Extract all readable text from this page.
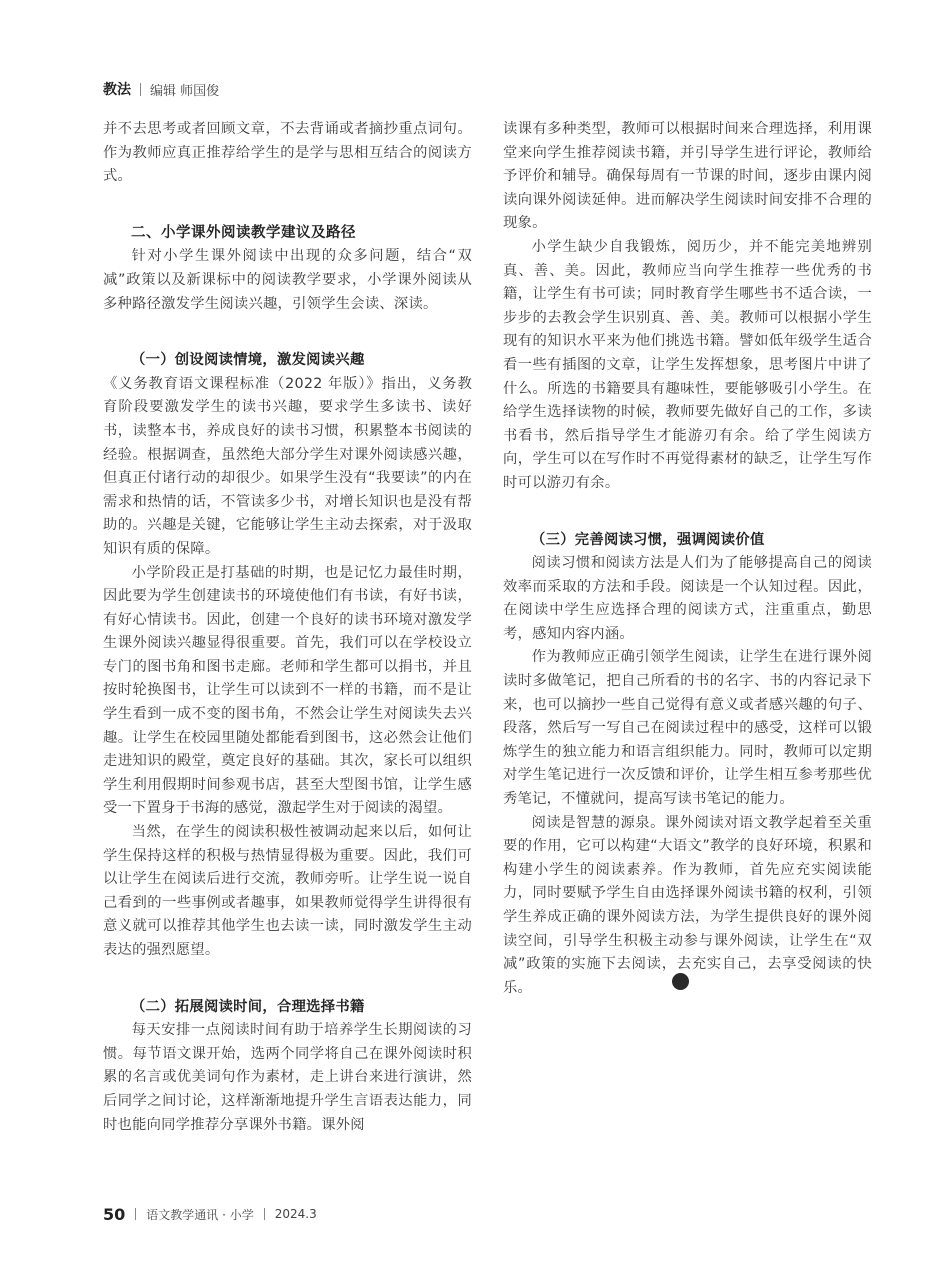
教法 编辑 师国俊

并不去思考或者回顾文章，不去背诵或者摘抄重点词句。作为教师应真正推荐给学生的是学与思相互结合的阅读方式。

二、小学课外阅读教学建议及路径

针对小学生课外阅读中出现的众多问题，结合“双减”政策以及新课标中的阅读教学要求，小学课外阅读从多种路径激发学生阅读兴趣，引领学生会读、深读。

（一）创设阅读情境，激发阅读兴趣

《义务教育语文课程标准（2022 年版）》指出，义务教育阶段要激发学生的读书兴趣，要求学生多读书、读好书，读整本书，养成良好的读书习惯，积累整本书阅读的经验。根据调查，虽然绝大部分学生对课外阅读感兴趣，但真正付诸行动的却很少。如果学生没有“我要读”的内在需求和热情的话，不管读多少书，对增长知识也是没有帮助的。兴趣是关键，它能够让学生主动去探索，对于汲取知识有质的保障。

小学阶段正是打基础的时期，也是记忆力最佳时期，因此要为学生创建读书的环境使他们有书读，有好书读，有好心情读书。因此，创建一个良好的读书环境对激发学生课外阅读兴趣显得很重要。首先，我们可以在学校设立专门的图书角和图书走廊。老师和学生都可以捐书，并且按时轮换图书，让学生可以读到不一样的书籍，而不是让学生看到一成不变的图书角，不然会让学生对阅读失去兴趣。让学生在校园里随处都能看到图书，这必然会让他们走进知识的殿堂，奠定良好的基础。其次，家长可以组织学生利用假期时间参观书店，甚至大型图书馆，让学生感受一下置身于书海的感觉，激起学生对于阅读的渴望。

当然，在学生的阅读积极性被调动起来以后，如何让学生保持这样的积极与热情显得极为重要。因此，我们可以让学生在阅读后进行交流，教师旁听。让学生说一说自己看到的一些事例或者趣事，如果教师觉得学生讲得很有意义就可以推荐其他学生也去读一读，同时激发学生主动表达的强烈愿望。

（二）拓展阅读时间，合理选择书籍

每天安排一点阅读时间有助于培养学生长期阅读的习惯。每节语文课开始，选两个同学将自己在课外阅读时积累的名言或优美词句作为素材，走上讲台来进行演讲，然后同学之间讨论，这样渐渐地提升学生言语表达能力，同时也能向同学推荐分享课外书籍。课外阅

读课有多种类型，教师可以根据时间来合理选择，利用课堂来向学生推荐阅读书籍，并引导学生进行评论，教师给予评价和辅导。确保每周有一节课的时间，逐步由课内阅读向课外阅读延伸。进而解决学生阅读时间安排不合理的现象。

小学生缺少自我锻炼，阅历少，并不能完美地辨别真、善、美。因此，教师应当向学生推荐一些优秀的书籍，让学生有书可读；同时教育学生哪些书不适合读，一步步的去教会学生识别真、善、美。教师可以根据小学生现有的知识水平来为他们挑选书籍。譬如低年级学生适合看一些有插图的文章，让学生发挥想象，思考图片中讲了什么。所选的书籍要具有趣味性，要能够吸引小学生。在给学生选择读物的时候，教师要先做好自己的工作，多读书看书，然后指导学生才能游刃有余。给了学生阅读方向，学生可以在写作时不再觉得素材的缺乏，让学生写作时可以游刃有余。

（三）完善阅读习惯，强调阅读价值

阅读习惯和阅读方法是人们为了能够提高自己的阅读效率而采取的方法和手段。阅读是一个认知过程。因此，在阅读中学生应选择合理的阅读方式，注重重点，勤思考，感知内容内涵。

作为教师应正确引领学生阅读，让学生在进行课外阅读时多做笔记，把自己所看的书的名字、书的内容记录下来，也可以摘抄一些自己觉得有意义或者感兴趣的句子、段落，然后写一写自己在阅读过程中的感受，这样可以锻炼学生的独立能力和语言组织能力。同时，教师可以定期对学生笔记进行一次反馈和评价，让学生相互参考那些优秀笔记，不懂就问，提高写读书笔记的能力。

阅读是智慧的源泉。课外阅读对语文教学起着至关重要的作用，它可以构建“大语文”教学的良好环境，积累和构建小学生的阅读素养。作为教师，首先应充实阅读能力，同时要赋予学生自由选择课外阅读书籍的权利，引领学生养成正确的课外阅读方法，为学生提供良好的课外阅读空间，引导学生积极主动参与课外阅读，让学生在“双减”政策的实施下去阅读，去充实自己，去享受阅读的快乐。	✎

50 语文教学通讯 · 小学 2024.3
